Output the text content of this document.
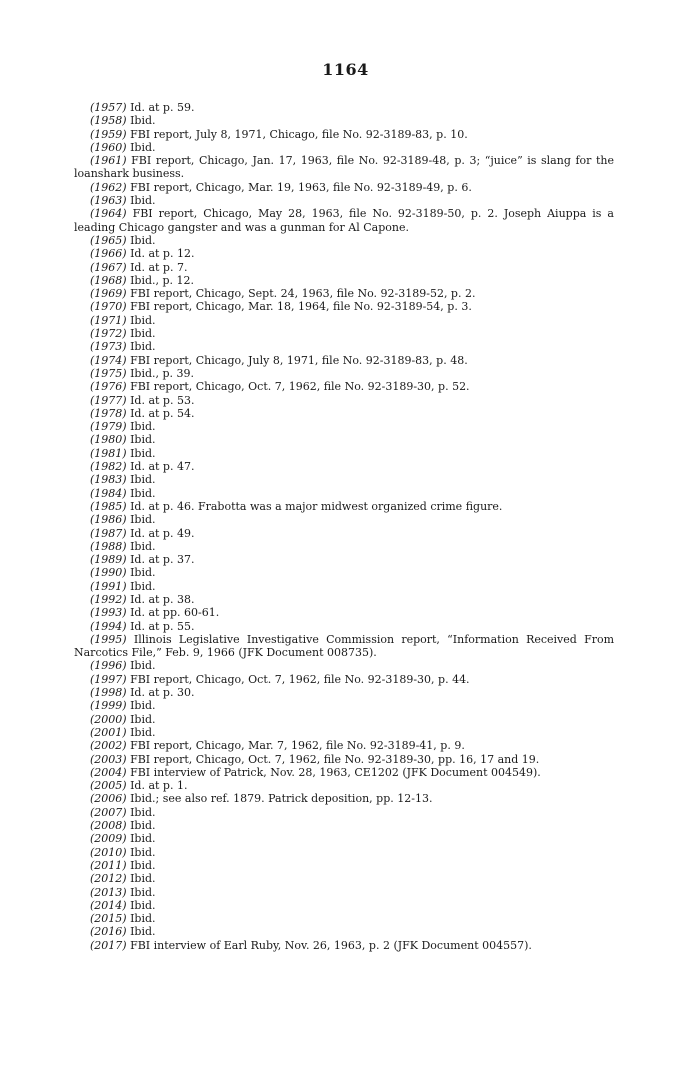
1164

(1957) Id. at p. 59.

(1958) Ibid.

(1959) FBI report, July 8, 1971, Chicago, file No. 92-3189-83, p. 10.

(1960) Ibid.

(1961) FBI report, Chicago, Jan. 17, 1963, file No. 92-3189-48, p. 3; “juice” is slang for the loanshark business.

(1962) FBI report, Chicago, Mar. 19, 1963, file No. 92-3189-49, p. 6.

(1963) Ibid.

(1964) FBI report, Chicago, May 28, 1963, file No. 92-3189-50, p. 2. Joseph Aiuppa is a leading Chicago gangster and was a gunman for Al Capone.

(1965) Ibid.

(1966) Id. at p. 12.

(1967) Id. at p. 7.

(1968) Ibid., p. 12.

(1969) FBI report, Chicago, Sept. 24, 1963, file No. 92-3189-52, p. 2.

(1970) FBI report, Chicago, Mar. 18, 1964, file No. 92-3189-54, p. 3.

(1971) Ibid.

(1972) Ibid.

(1973) Ibid.

(1974) FBI report, Chicago, July 8, 1971, file No. 92-3189-83, p. 48.

(1975) Ibid., p. 39.

(1976) FBI report, Chicago, Oct. 7, 1962, file No. 92-3189-30, p. 52.

(1977) Id. at p. 53.

(1978) Id. at p. 54.

(1979) Ibid.

(1980) Ibid.

(1981) Ibid.

(1982) Id. at p. 47.

(1983) Ibid.

(1984) Ibid.

(1985) Id. at p. 46. Frabotta was a major midwest organized crime figure.

(1986) Ibid.

(1987) Id. at p. 49.

(1988) Ibid.

(1989) Id. at p. 37.

(1990) Ibid.

(1991) Ibid.

(1992) Id. at p. 38.

(1993) Id. at pp. 60-61.

(1994) Id. at p. 55.

(1995) Illinois Legislative Investigative Commission report, “Information Received From Narcotics File,” Feb. 9, 1966 (JFK Document 008735).

(1996) Ibid.

(1997) FBI report, Chicago, Oct. 7, 1962, file No. 92-3189-30, p. 44.

(1998) Id. at p. 30.

(1999) Ibid.

(2000) Ibid.

(2001) Ibid.

(2002) FBI report, Chicago, Mar. 7, 1962, file No. 92-3189-41, p. 9.

(2003) FBI report, Chicago, Oct. 7, 1962, file No. 92-3189-30, pp. 16, 17 and 19.

(2004) FBI interview of Patrick, Nov. 28, 1963, CE1202 (JFK Document 004549).

(2005) Id. at p. 1.

(2006) Ibid.; see also ref. 1879. Patrick deposition, pp. 12-13.

(2007) Ibid.

(2008) Ibid.

(2009) Ibid.

(2010) Ibid.

(2011) Ibid.

(2012) Ibid.

(2013) Ibid.

(2014) Ibid.

(2015) Ibid.

(2016) Ibid.

(2017) FBI interview of Earl Ruby, Nov. 26, 1963, p. 2 (JFK Document 004557).
